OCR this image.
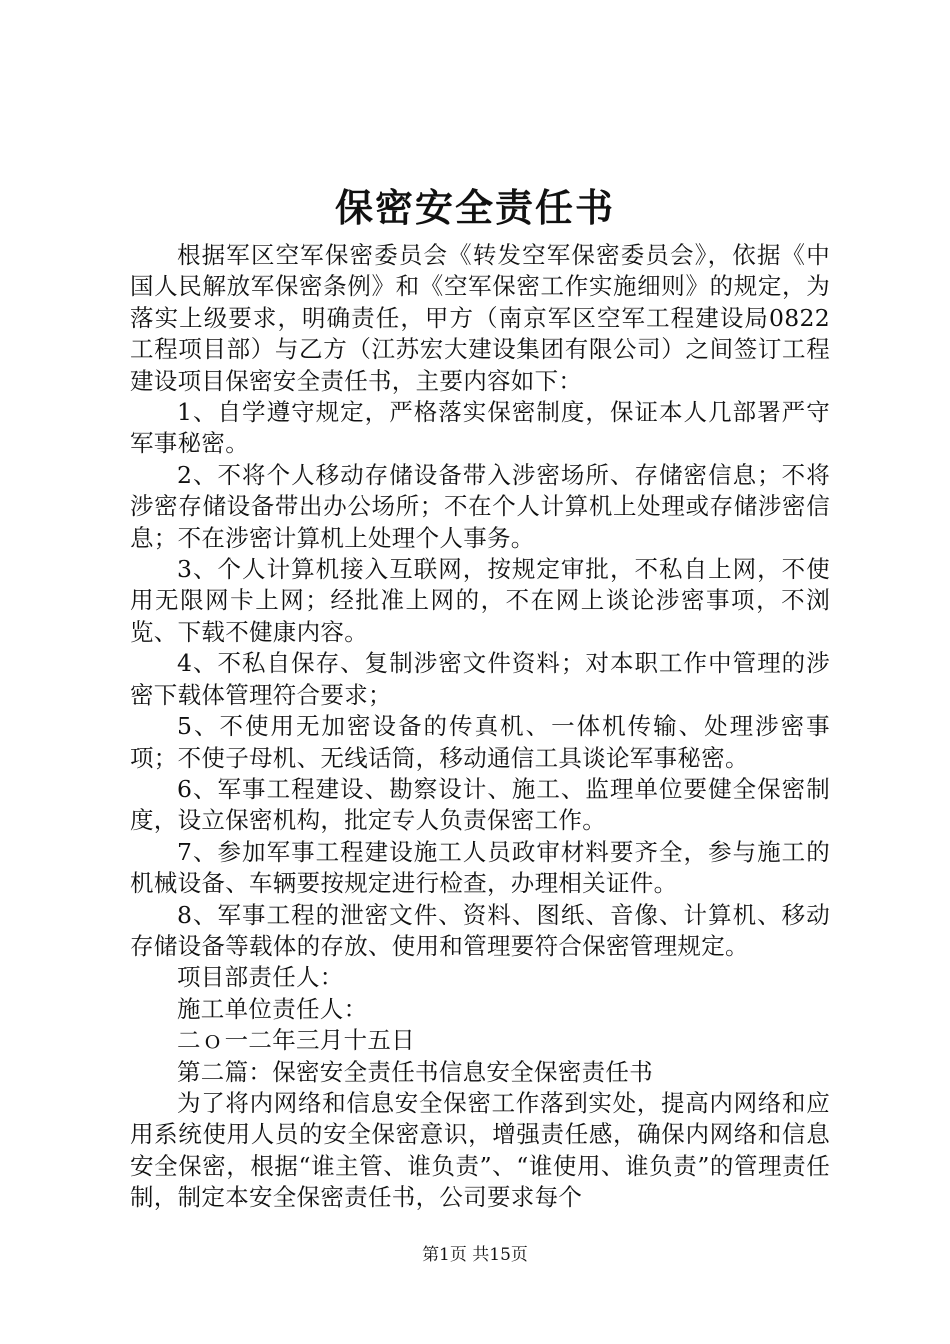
保密安全责任书

根据军区空军保密委员会《转发空军保密委员会》，依据《中国人民解放军保密条例》和《空军保密工作实施细则》的规定，为落实上级要求，明确责任，甲方（南京军区空军工程建设局0822工程项目部）与乙方（江苏宏大建设集团有限公司）之间签订工程建设项目保密安全责任书，主要内容如下：

1、自学遵守规定，严格落实保密制度，保证本人几部署严守军事秘密。

2、不将个人移动存储设备带入涉密场所、存储密信息；不将涉密存储设备带出办公场所；不在个人计算机上处理或存储涉密信息；不在涉密计算机上处理个人事务。

3、个人计算机接入互联网，按规定审批，不私自上网，不使用无限网卡上网；经批准上网的，不在网上谈论涉密事项，不浏览、下载不健康内容。

4、不私自保存、复制涉密文件资料；对本职工作中管理的涉密下载体管理符合要求；

5、不使用无加密设备的传真机、一体机传输、处理涉密事项；不使子母机、无线话筒，移动通信工具谈论军事秘密。

6、军事工程建设、勘察设计、施工、监理单位要健全保密制度，设立保密机构，批定专人负责保密工作。

7、参加军事工程建设施工人员政审材料要齐全，参与施工的机械设备、车辆要按规定进行检查，办理相关证件。

8、军事工程的泄密文件、资料、图纸、音像、计算机、移动存储设备等载体的存放、使用和管理要符合保密管理规定。

项目部责任人：

施工单位责任人：

二ｏ一二年三月十五日

第二篇：保密安全责任书信息安全保密责任书

为了将内网络和信息安全保密工作落到实处，提高内网络和应用系统使用人员的安全保密意识，增强责任感，确保内网络和信息安全保密，根据“谁主管、谁负责”、“谁使用、谁负责”的管理责任制，制定本安全保密责任书，公司要求每个

第1页 共15页
